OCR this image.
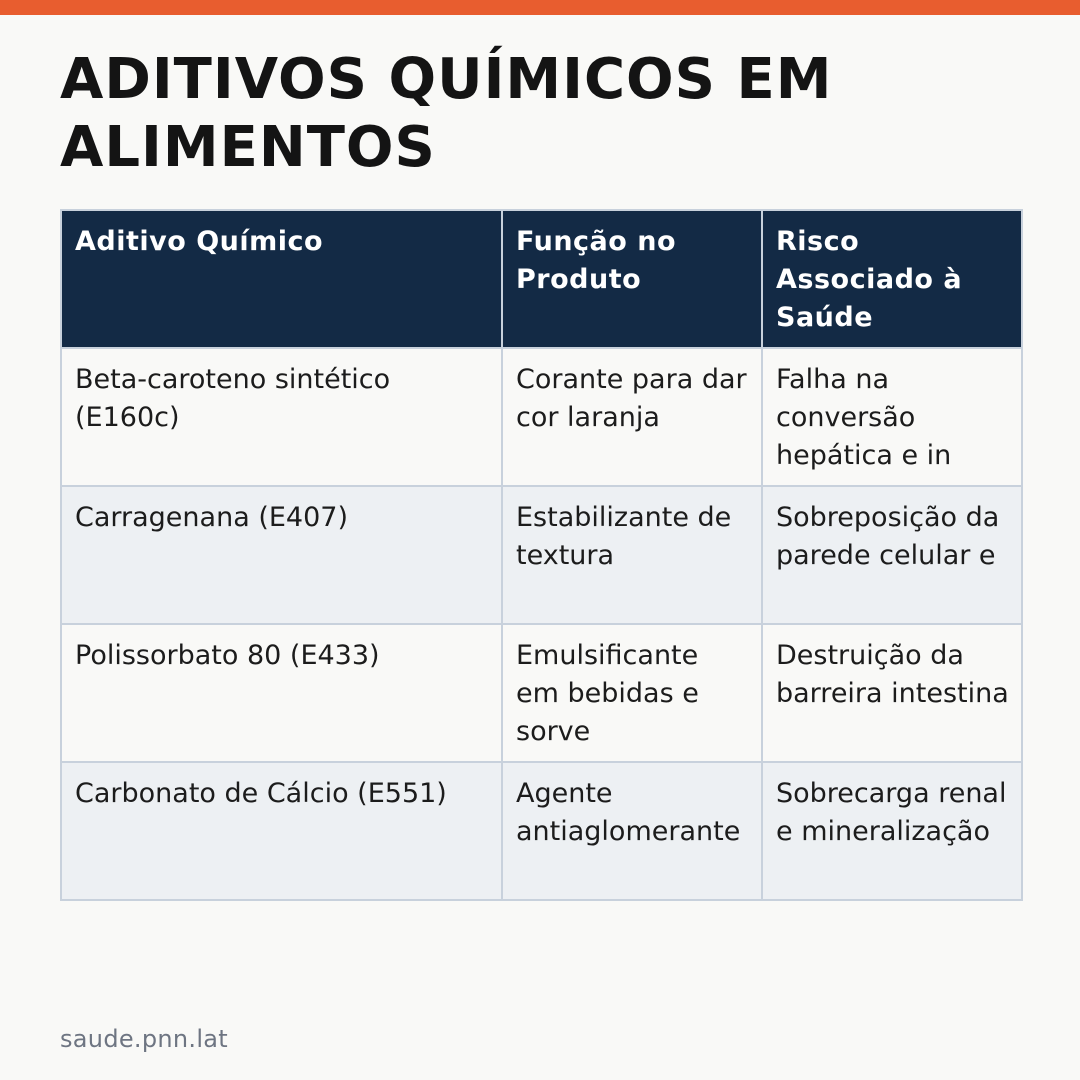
ADITIVOS QUÍMICOS EM ALIMENTOS
Aditivo Químico	Função no Produto	Risco Associado à Saúde
Beta-caroteno sintético (E160c)	Corante para dar cor laranja	Falha na conversão hepática e in
Carragenana (E407)	Estabilizante de textura	Sobreposição da parede celular e
Polissorbato 80 (E433)	Emulsificante em bebidas e sorve	Destruição da barreira intestina
Carbonato de Cálcio (E551)	Agente antiaglomerante	Sobrecarga renal e mineralização
saude.pnn.lat
